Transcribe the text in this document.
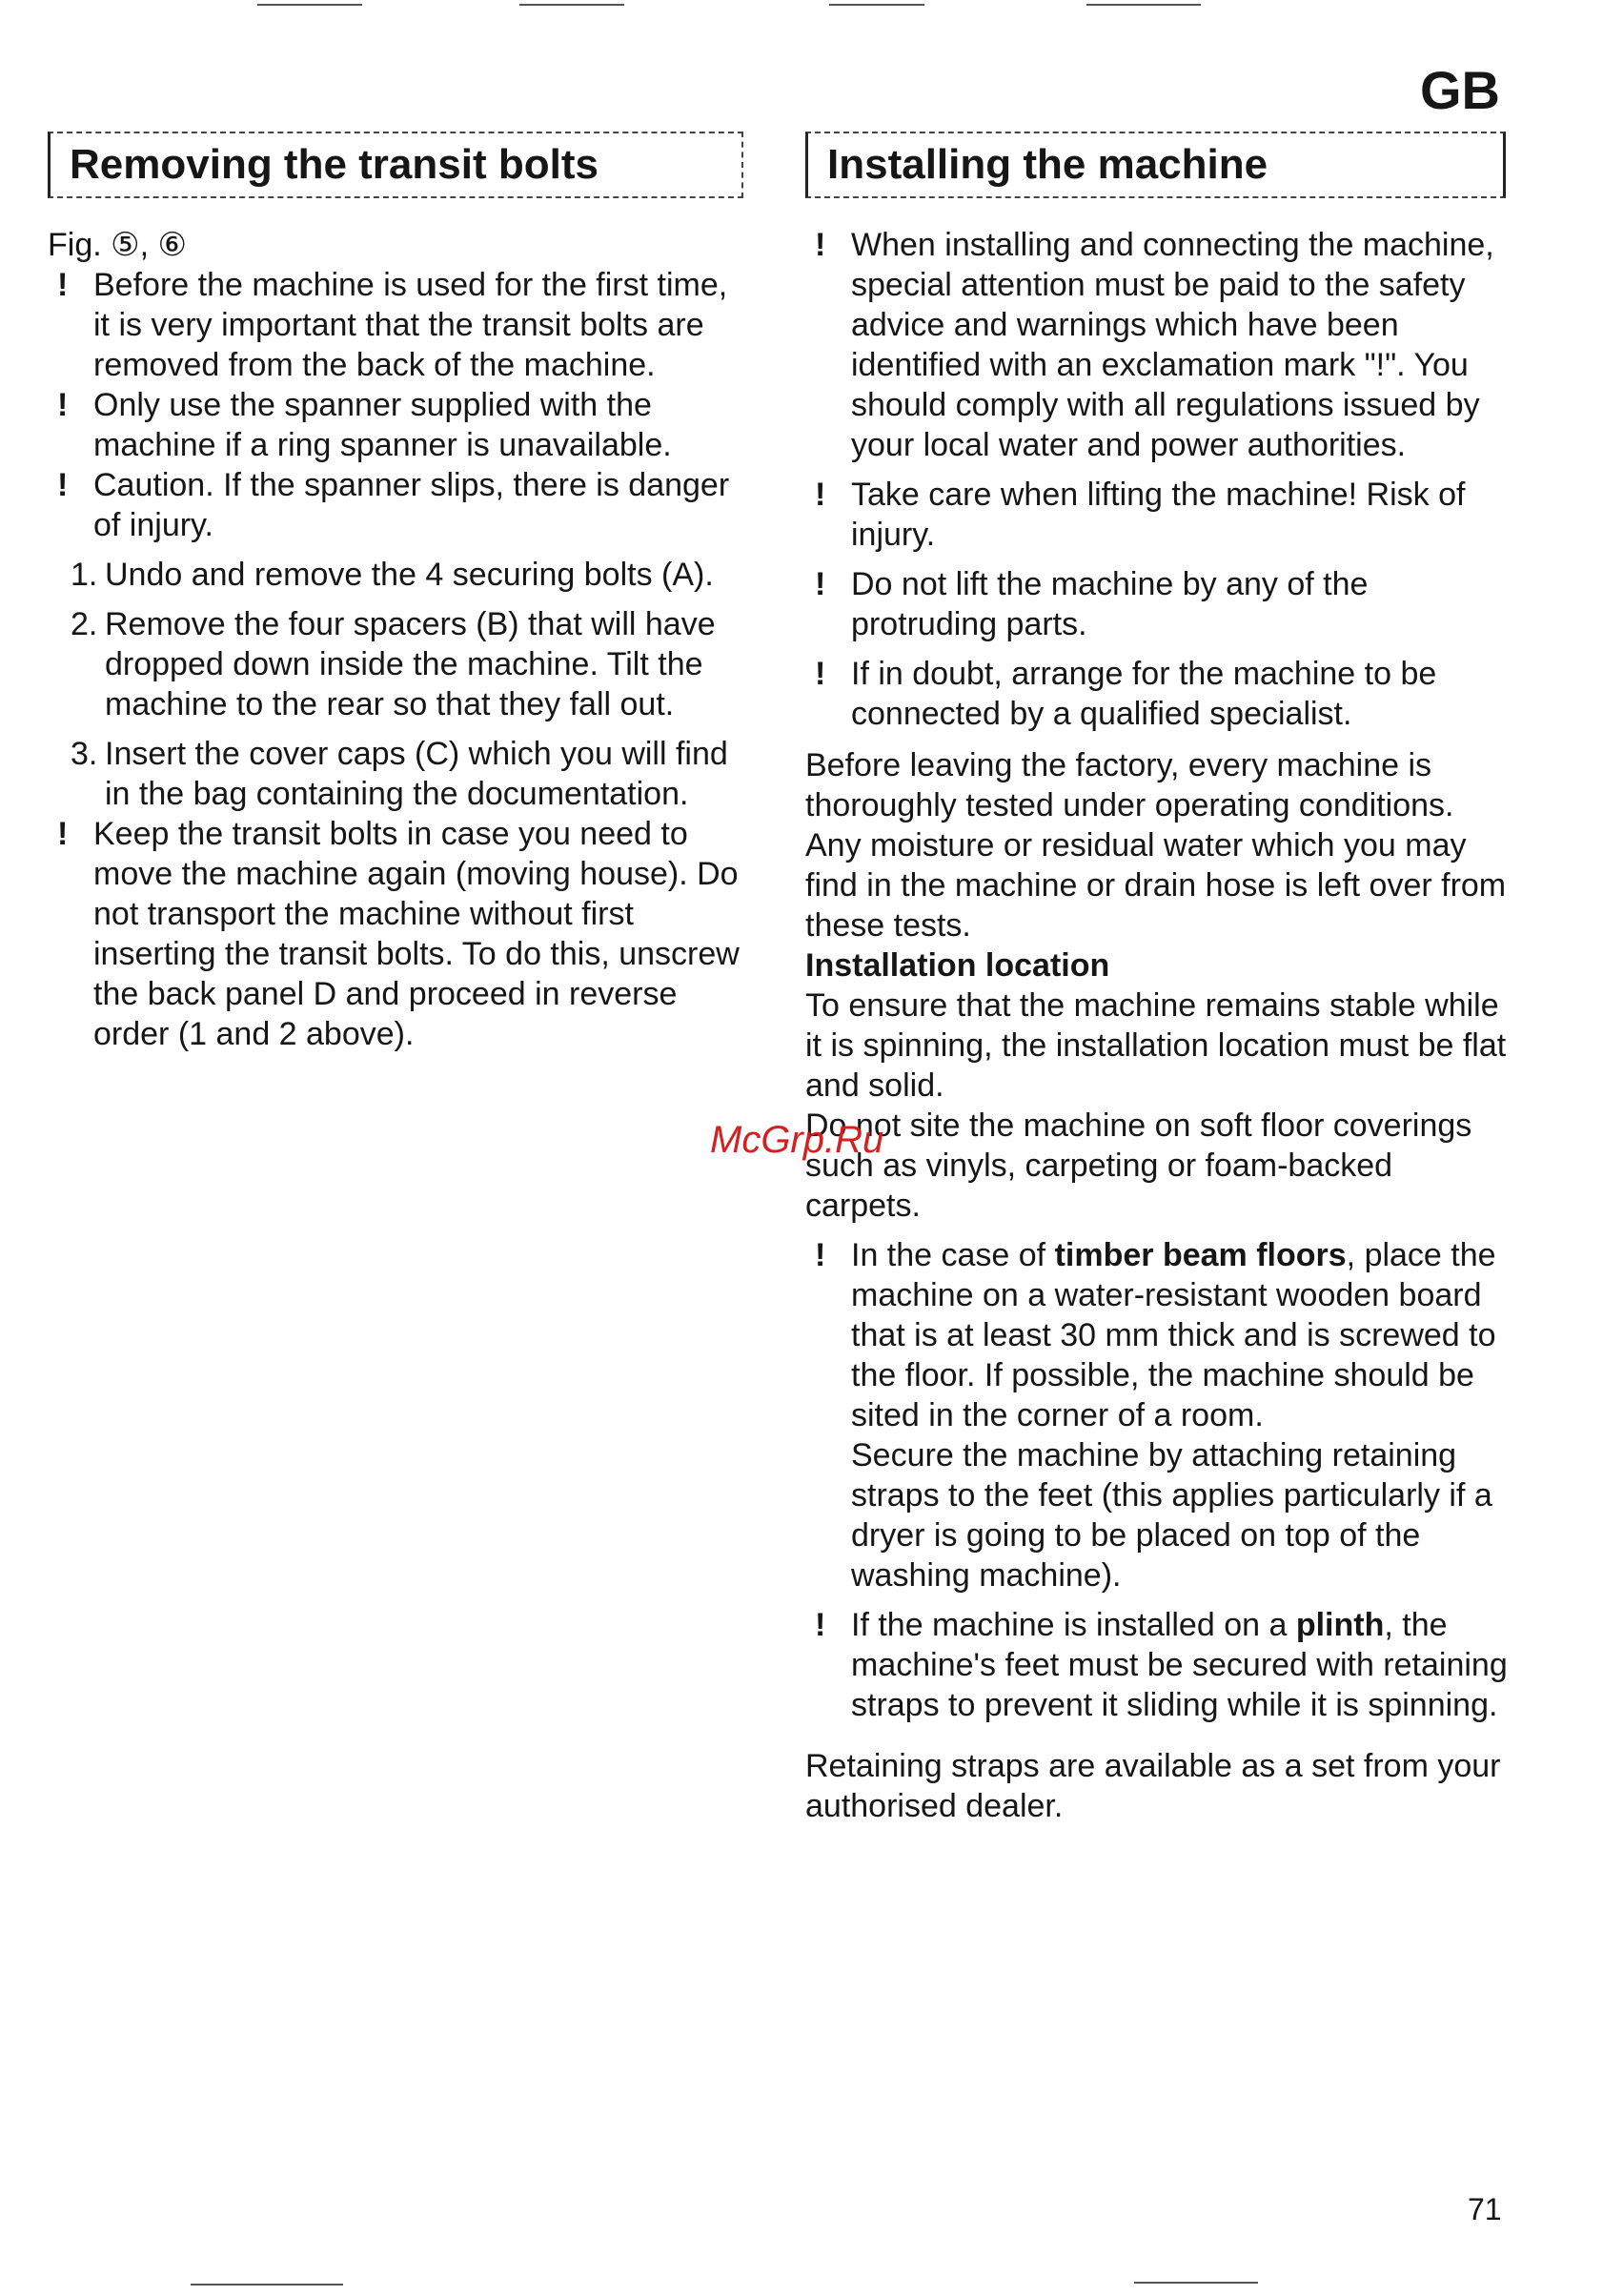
GB
Removing the transit bolts

Fig. ⑤, ⑥

! Before the machine is used for the first time, it is very important that the transit bolts are removed from the back of the machine.

! Only use the spanner supplied with the machine if a ring spanner is unavailable.

! Caution. If the spanner slips, there is danger of injury.

1. Undo and remove the 4 securing bolts (A).
2. Remove the four spacers (B) that will have dropped down inside the machine. Tilt the machine to the rear so that they fall out.
3. Insert the cover caps (C) which you will find in the bag containing the documentation.

! Keep the transit bolts in case you need to move the machine again (moving house). Do not transport the machine without first inserting the transit bolts. To do this, unscrew the back panel D and proceed in reverse order (1 and 2 above).

Installing the machine

! When installing and connecting the machine, special attention must be paid to the safety advice and warnings which have been identified with an exclamation mark "!". You should comply with all regulations issued by your local water and power authorities.

! Take care when lifting the machine! Risk of injury.

! Do not lift the machine by any of the protruding parts.

! If in doubt, arrange for the machine to be connected by a qualified specialist.

Before leaving the factory, every machine is thoroughly tested under operating conditions. Any moisture or residual water which you may find in the machine or drain hose is left over from these tests.

Installation location

To ensure that the machine remains stable while it is spinning, the installation location must be flat and solid.

Do not site the machine on soft floor coverings such as vinyls, carpeting or foam-backed carpets.

! In the case of timber beam floors, place the machine on a water-resistant wooden board that is at least 30 mm thick and is screwed to the floor. If possible, the machine should be sited in the corner of a room.

Secure the machine by attaching retaining straps to the feet (this applies particularly if a dryer is going to be placed on top of the washing machine).

! If the machine is installed on a plinth, the machine's feet must be secured with retaining straps to prevent it sliding while it is spinning.

Retaining straps are available as a set from your authorised dealer.

McGrp.Ru
71
